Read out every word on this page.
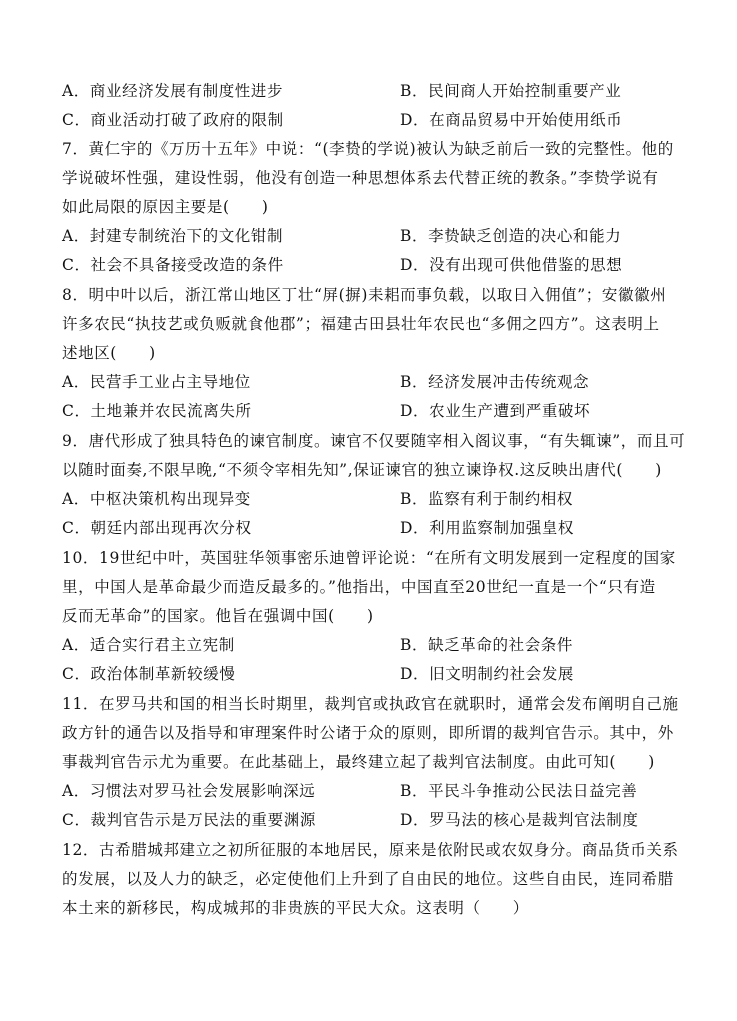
A．商业经济发展有制度性进步	B．民间商人开始控制重要产业
C．商业活动打破了政府的限制	D．在商品贸易中开始使用纸币
7．黄仁宇的《万历十五年》中说：“(李贽的学说)被认为缺乏前后一致的完整性。他的
学说破坏性强，建设性弱，他没有创造一种思想体系去代替正统的教条。”李贽学说有
如此局限的原因主要是(　　)
A．封建专制统治下的文化钳制	B．李贽缺乏创造的决心和能力
C．社会不具备接受改造的条件	D．没有出现可供他借鉴的思想
8．明中叶以后，浙江常山地区丁壮“屏(摒)耒耜而事负载，以取日入佣值”；安徽徽州
许多农民“执技艺或负贩就食他郡”；福建古田县壮年农民也“多佣之四方”。这表明上
述地区(　　)
A．民营手工业占主导地位	B．经济发展冲击传统观念
C．土地兼并农民流离失所	D．农业生产遭到严重破坏
9．唐代形成了独具特色的谏官制度。谏官不仅要随宰相入阁议事，“有失辄谏”，而且可
以随时面奏,不限早晚,“不须令宰相先知”,保证谏官的独立谏诤权.这反映出唐代(　　)
A．中枢决策机构出现异变	B．监察有利于制约相权
C．朝廷内部出现再次分权	D．利用监察制加强皇权
10．19世纪中叶，英国驻华领事密乐迪曾评论说：“在所有文明发展到一定程度的国家
里，中国人是革命最少而造反最多的。”他指出，中国直至20世纪一直是一个“只有造
反而无革命”的国家。他旨在强调中国(　　)
A．适合实行君主立宪制	B．缺乏革命的社会条件
C．政治体制革新较缓慢	D．旧文明制约社会发展
11．在罗马共和国的相当长时期里，裁判官或执政官在就职时，通常会发布阐明自己施
政方针的通告以及指导和审理案件时公诸于众的原则，即所谓的裁判官告示。其中，外
事裁判官告示尤为重要。在此基础上，最终建立起了裁判官法制度。由此可知(　　)
A．习惯法对罗马社会发展影响深远	B．平民斗争推动公民法日益完善
C．裁判官告示是万民法的重要渊源	D．罗马法的核心是裁判官法制度
12．古希腊城邦建立之初所征服的本地居民，原来是依附民或农奴身分。商品货币关系
的发展，以及人力的缺乏，必定使他们上升到了自由民的地位。这些自由民，连同希腊
本土来的新移民，构成城邦的非贵族的平民大众。这表明（　　）
